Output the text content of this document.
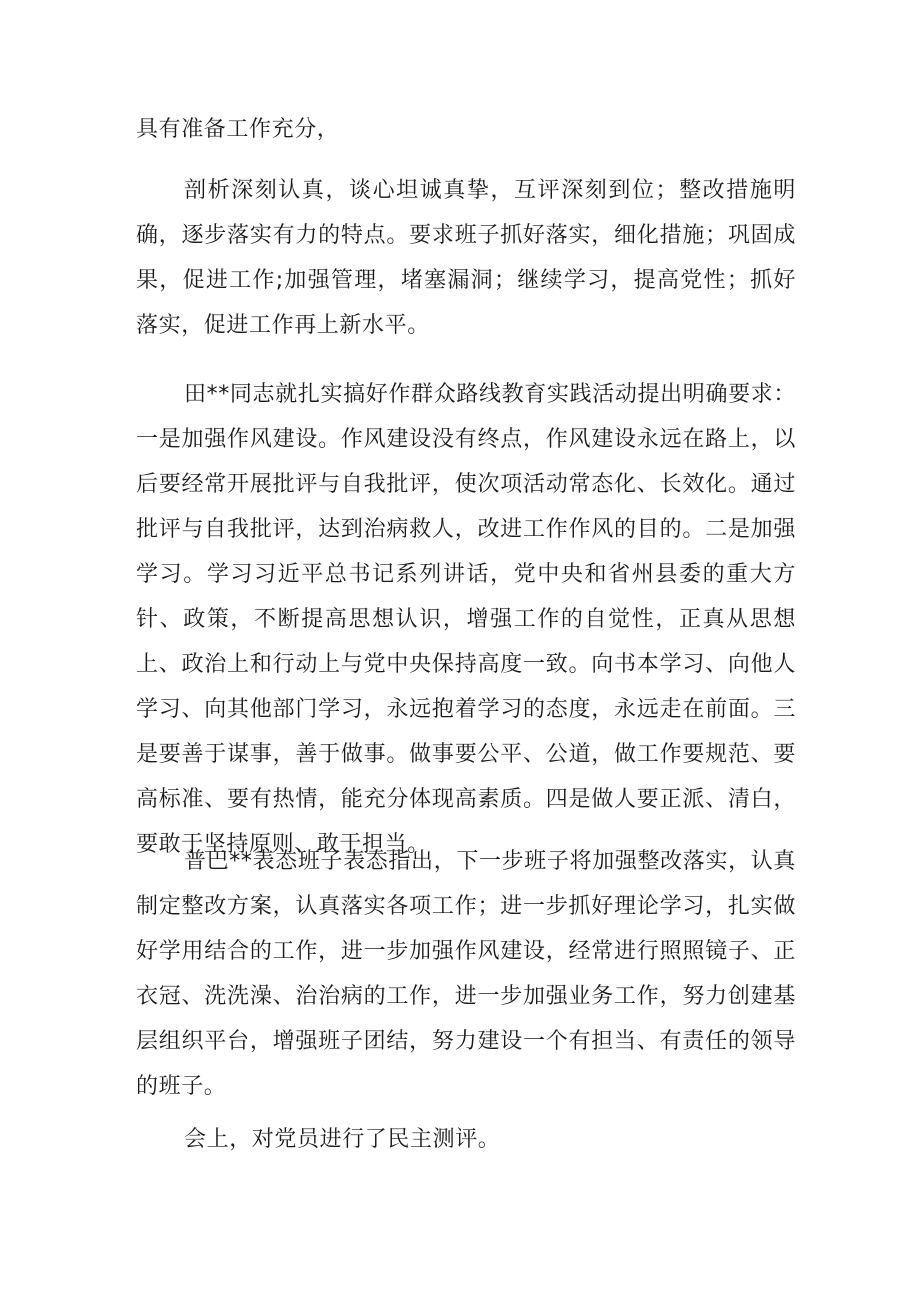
具有准备工作充分，

剖析深刻认真，谈心坦诚真挚，互评深刻到位；整改措施明确，逐步落实有力的特点。要求班子抓好落实，细化措施；巩固成果，促进工作;加强管理，堵塞漏洞；继续学习，提高党性；抓好落实，促进工作再上新水平。

田**同志就扎实搞好作群众路线教育实践活动提出明确要求：一是加强作风建设。作风建设没有终点，作风建设永远在路上，以后要经常开展批评与自我批评，使次项活动常态化、长效化。通过批评与自我批评，达到治病救人，改进工作作风的目的。二是加强学习。学习习近平总书记系列讲话，党中央和省州县委的重大方针、政策，不断提高思想认识，增强工作的自觉性，正真从思想上、政治上和行动上与党中央保持高度一致。向书本学习、向他人学习、向其他部门学习，永远抱着学习的态度，永远走在前面。三是要善于谋事，善于做事。做事要公平、公道，做工作要规范、要高标准、要有热情，能充分体现高素质。四是做人要正派、清白，要敢于坚持原则、敢于担当。

普巴**表态班子表态指出，下一步班子将加强整改落实，认真制定整改方案，认真落实各项工作；进一步抓好理论学习，扎实做好学用结合的工作，进一步加强作风建设，经常进行照照镜子、正衣冠、洗洗澡、治治病的工作，进一步加强业务工作，努力创建基层组织平台，增强班子团结，努力建设一个有担当、有责任的领导的班子。

会上，对党员进行了民主测评。
